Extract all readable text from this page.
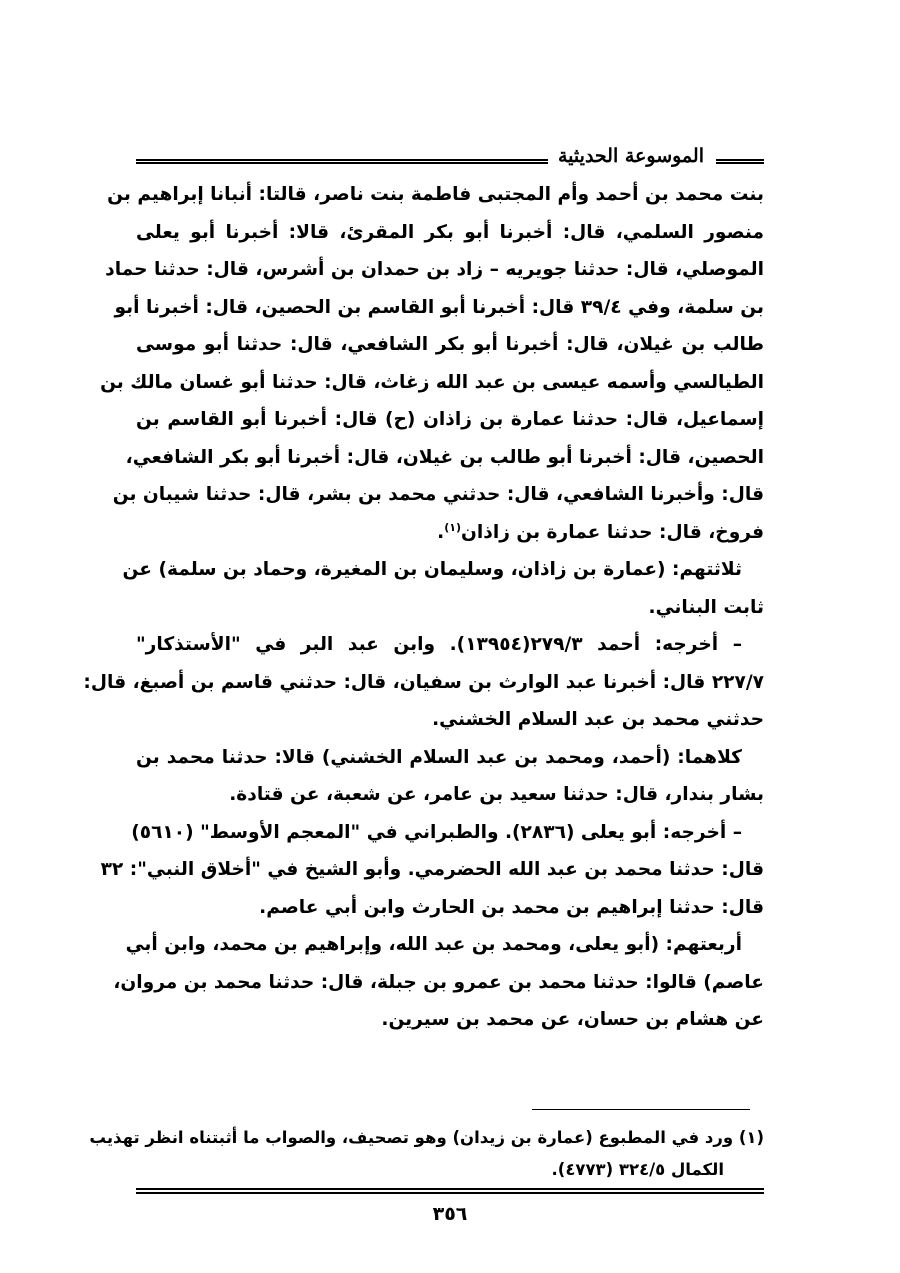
الموسوعة الحديثية
بنت محمد بن أحمد وأم المجتبى فاطمة بنت ناصر، قالتا: أنبانا إبراهيم بن
منصور السلمي، قال: أخبرنا أبو بكر المقرئ، قالا: أخبرنا أبو يعلى
الموصلي، قال: حدثنا جويريه – زاد بن حمدان بن أشرس، قال: حدثنا حماد
بن سلمة، وفي ٣٩/٤ قال: أخبرنا أبو القاسم بن الحصين، قال: أخبرنا أبو
طالب بن غيلان، قال: أخبرنا أبو بكر الشافعي، قال: حدثنا أبو موسى
الطيالسي وأسمه عيسى بن عبد الله زغاث، قال: حدثنا أبو غسان مالك بن
إسماعيل، قال: حدثنا عمارة بن زاذان (ح) قال: أخبرنا أبو القاسم بن
الحصين، قال: أخبرنا أبو طالب بن غيلان، قال: أخبرنا أبو بكر الشافعي،
قال: وأخبرنا الشافعي، قال: حدثني محمد بن بشر، قال: حدثنا شيبان بن
فروخ، قال: حدثنا عمارة بن زاذان$^{(١)}$.
ثلاثتهم: (عمارة بن زاذان، وسليمان بن المغيرة، وحماد بن سلمة) عن
ثابت البناني.
– أخرجه: أحمد ٢٧٩/٣(١٣٩٥٤). وابن عبد البر في "الأستذكار"
٢٢٧/٧ قال: أخبرنا عبد الوارث بن سفيان، قال: حدثني قاسم بن أصبغ، قال:
حدثني محمد بن عبد السلام الخشني.
كلاهما: (أحمد، ومحمد بن عبد السلام الخشني) قالا: حدثنا محمد بن
بشار بندار، قال: حدثنا سعيد بن عامر، عن شعبة، عن قتادة.
– أخرجه: أبو يعلى (٢٨٣٦). والطبراني في "المعجم الأوسط" (٥٦١٠)
قال: حدثنا محمد بن عبد الله الحضرمي. وأبو الشيخ في "أخلاق النبي": ٣٢
قال: حدثنا إبراهيم بن محمد بن الحارث وابن أبي عاصم.
أربعتهم: (أبو يعلى، ومحمد بن عبد الله، وإبراهيم بن محمد، وابن أبي
عاصم) قالوا: حدثنا محمد بن عمرو بن جبلة، قال: حدثنا محمد بن مروان،
عن هشام بن حسان، عن محمد بن سيرين.
(١) ورد في المطبوع (عمارة بن زيدان) وهو تصحيف، والصواب ما أثبتناه انظر تهذيب
الكمال ٣٢٤/٥ (٤٧٧٣).
٣٥٦
